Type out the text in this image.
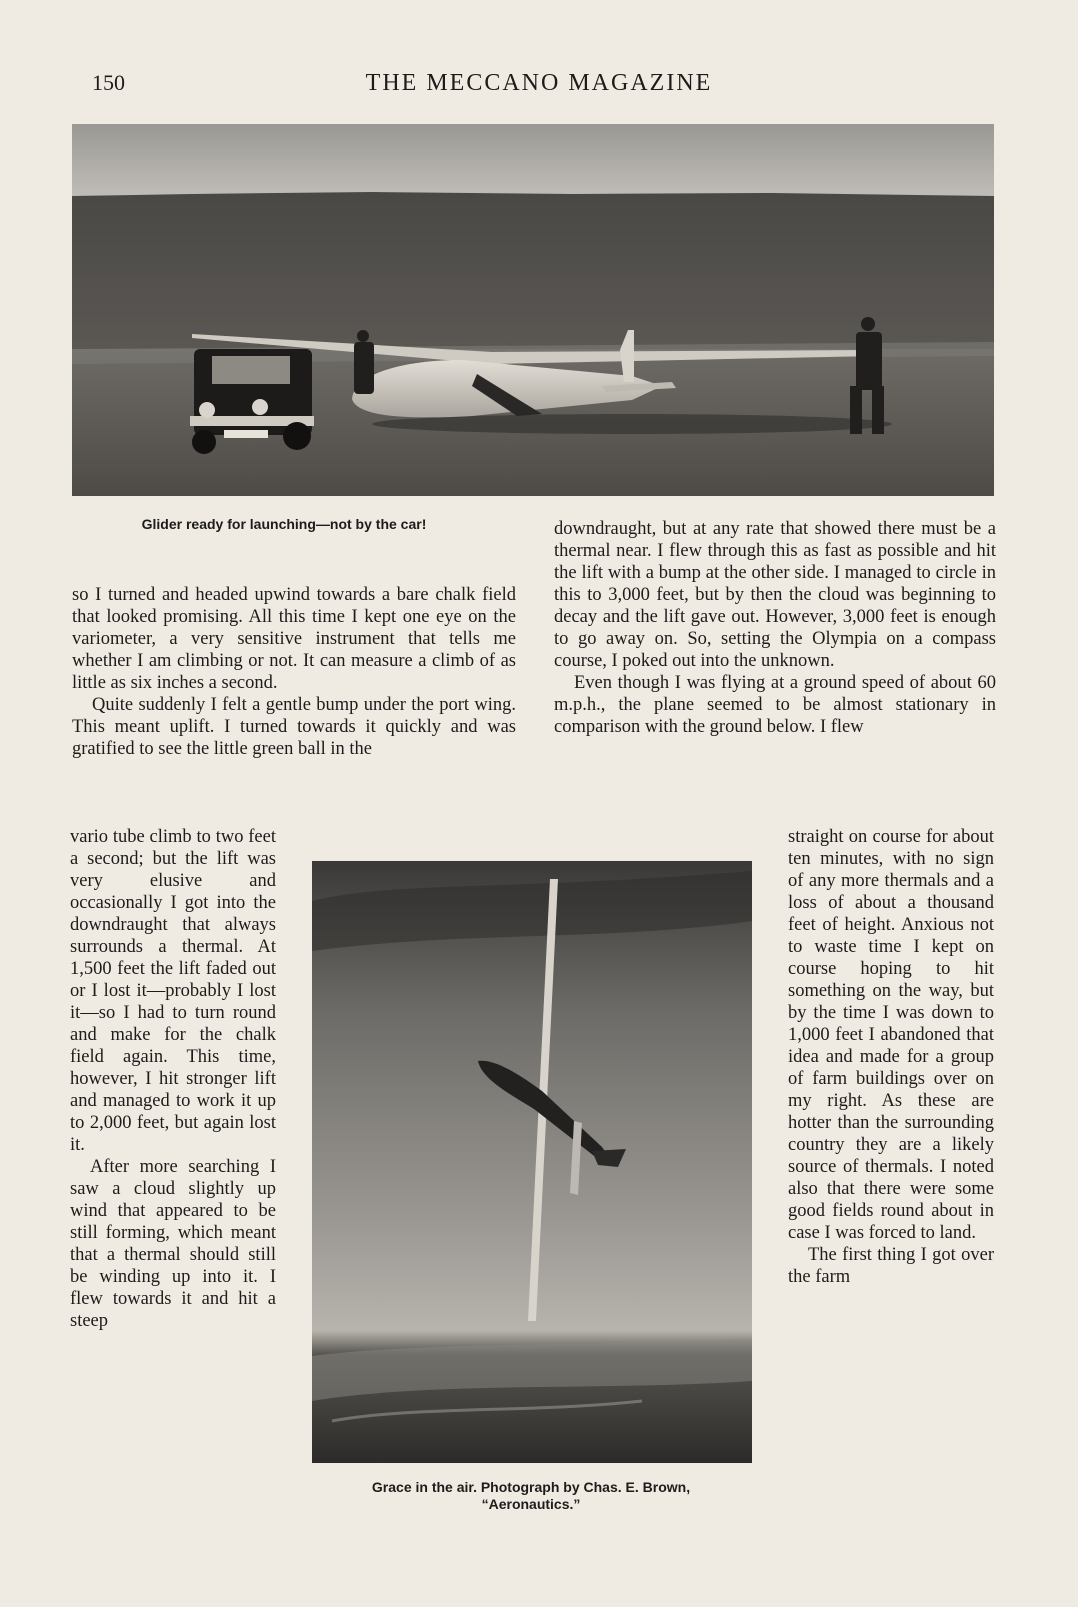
150	THE MECCANO MAGAZINE
Glider ready for launching—not by the car!

so I turned and headed upwind towards a bare chalk field that looked promising. All this time I kept one eye on the variometer, a very sensitive instrument that tells me whether I am climbing or not. It can measure a climb of as little as six inches a second.

Quite suddenly I felt a gentle bump under the port wing. This meant uplift. I turned towards it quickly and was gratified to see the little green ball in the

downdraught, but at any rate that showed there must be a thermal near. I flew through this as fast as possible and hit the lift with a bump at the other side. I managed to circle in this to 3,000 feet, but by then the cloud was beginning to decay and the lift gave out. However, 3,000 feet is enough to go away on. So, setting the Olympia on a compass course, I poked out into the unknown.

Even though I was flying at a ground speed of about 60 m.p.h., the plane seemed to be almost stationary in comparison with the ground below. I flew

vario tube climb to two feet a second; but the lift was very elusive and occasionally I got into the downdraught that always surrounds a thermal. At 1,500 feet the lift faded out or I lost it—probably I lost it—so I had to turn round and make for the chalk field again. This time, however, I hit stronger lift and managed to work it up to 2,000 feet, but again lost it.

After more searching I saw a cloud slightly up wind that appeared to be still forming, which meant that a thermal should still be winding up into it. I flew towards it and hit a steep

straight on course for about ten minutes, with no sign of any more thermals and a loss of about a thousand feet of height. Anxious not to waste time I kept on course hoping to hit something on the way, but by the time I was down to 1,000 feet I abandoned that idea and made for a group of farm buildings over on my right. As these are hotter than the surrounding country they are a likely source of thermals. I noted also that there were some good fields round about in case I was forced to land.

The first thing I got over the farm

Grace in the air. Photograph by Chas. E. Brown,
“Aeronautics.”
